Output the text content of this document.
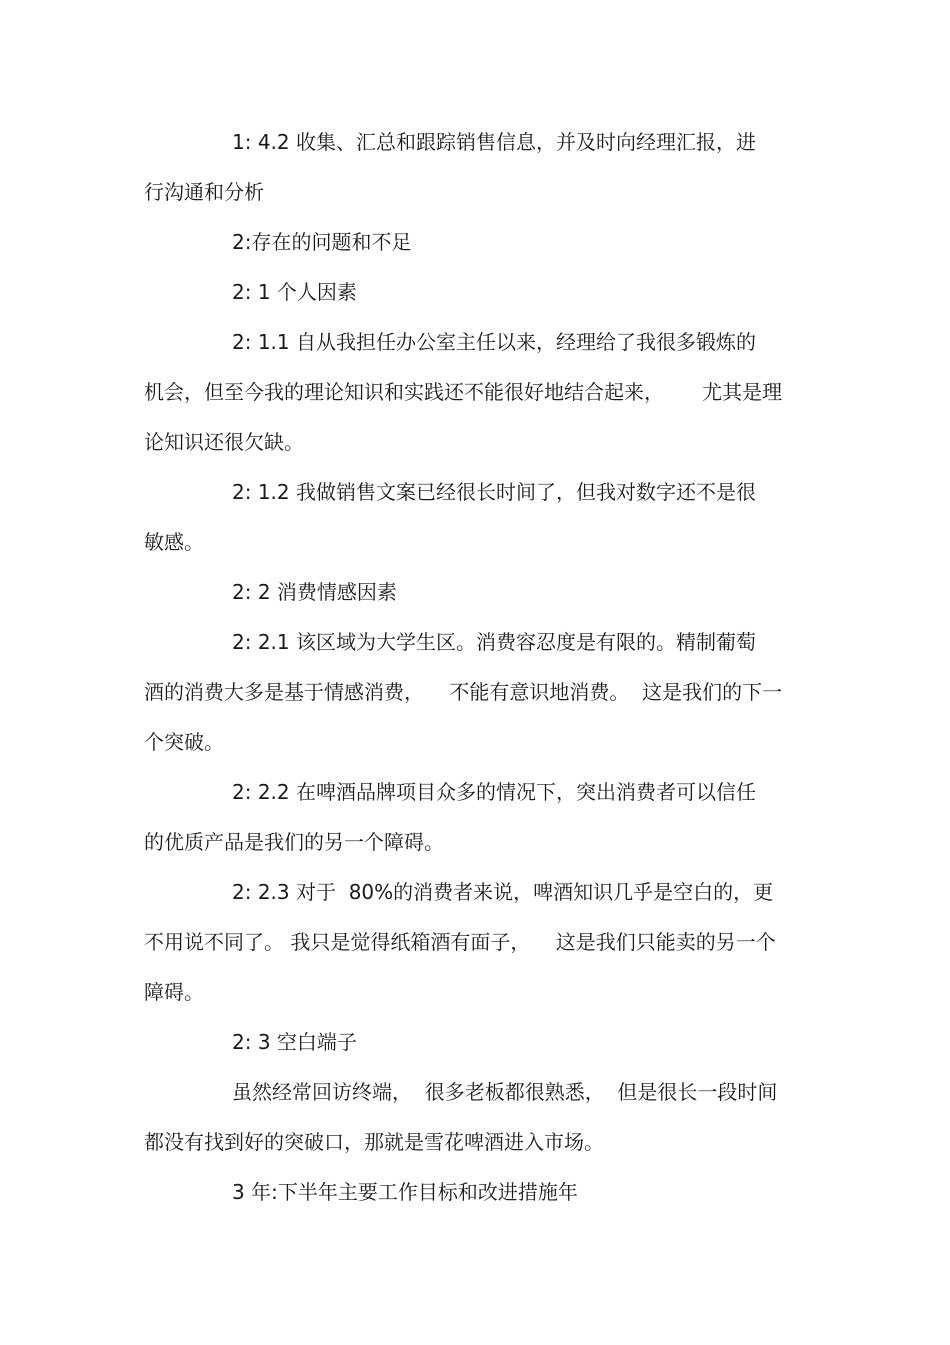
1: 4.2 收集、汇总和跟踪销售信息，并及时向经理汇报，进
行沟通和分析
2:存在的问题和不足
2: 1 个人因素
2: 1.1 自从我担任办公室主任以来，经理给了我很多锻炼的
机会，但至今我的理论知识和实践还不能很好地结合起来，      尤其是理
论知识还很欠缺。
2: 1.2 我做销售文案已经很长时间了，但我对数字还不是很
敏感。
2: 2 消费情感因素
2: 2.1 该区域为大学生区。消费容忍度是有限的。精制葡萄
酒的消费大多是基于情感消费，    不能有意识地消费。  这是我们的下一
个突破。
2: 2.2 在啤酒品牌项目众多的情况下，突出消费者可以信任
的优质产品是我们的另一个障碍。
2: 2.3 对于  80%的消费者来说，啤酒知识几乎是空白的，更
不用说不同了。 我只是觉得纸箱酒有面子，    这是我们只能卖的另一个
障碍。
2: 3 空白端子
虽然经常回访终端，  很多老板都很熟悉，  但是很长一段时间
都没有找到好的突破口，那就是雪花啤酒进入市场。
3 年:下半年主要工作目标和改进措施年
